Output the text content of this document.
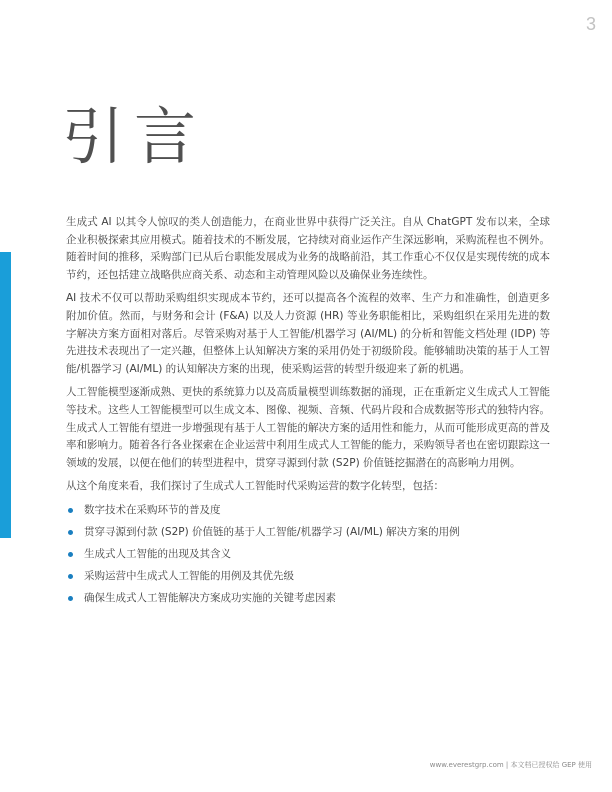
3
引言

生成式 AI 以其令人惊叹的类人创造能力，在商业世界中获得广泛关注。自从 ChatGPT 发布以来，全球企业积极探索其应用模式。随着技术的不断发展，它持续对商业运作产生深远影响，采购流程也不例外。随着时间的推移，采购部门已从后台职能发展成为业务的战略前沿，其工作重心不仅仅是实现传统的成本节约，还包括建立战略供应商关系、动态和主动管理风险以及确保业务连续性。

AI 技术不仅可以帮助采购组织实现成本节约，还可以提高各个流程的效率、生产力和准确性，创造更多附加价值。然而，与财务和会计 (F&A) 以及人力资源 (HR) 等业务职能相比，采购组织在采用先进的数字解决方案方面相对落后。尽管采购对基于人工智能/机器学习 (AI/ML) 的分析和智能文档处理 (IDP) 等先进技术表现出了一定兴趣，但整体上认知解决方案的采用仍处于初级阶段。能够辅助决策的基于人工智能/机器学习 (AI/ML) 的认知解决方案的出现，使采购运营的转型升级迎来了新的机遇。

人工智能模型逐渐成熟、更快的系统算力以及高质量模型训练数据的涌现，正在重新定义生成式人工智能等技术。这些人工智能模型可以生成文本、图像、视频、音频、代码片段和合成数据等形式的独特内容。生成式人工智能有望进一步增强现有基于人工智能的解决方案的适用性和能力，从而可能形成更高的普及率和影响力。随着各行各业探索在企业运营中利用生成式人工智能的能力，采购领导者也在密切跟踪这一领域的发展，以便在他们的转型进程中，贯穿寻源到付款 (S2P) 价值链挖掘潜在的高影响力用例。

从这个角度来看，我们探讨了生成式人工智能时代采购运营的数字化转型，包括：

数字技术在采购环节的普及度
贯穿寻源到付款 (S2P) 价值链的基于人工智能/机器学习 (AI/ML) 解决方案的用例
生成式人工智能的出现及其含义
采购运营中生成式人工智能的用例及其优先级
确保生成式人工智能解决方案成功实施的关键考虑因素
www.everestgrp.com | 本文档已授权给 GEP 使用
